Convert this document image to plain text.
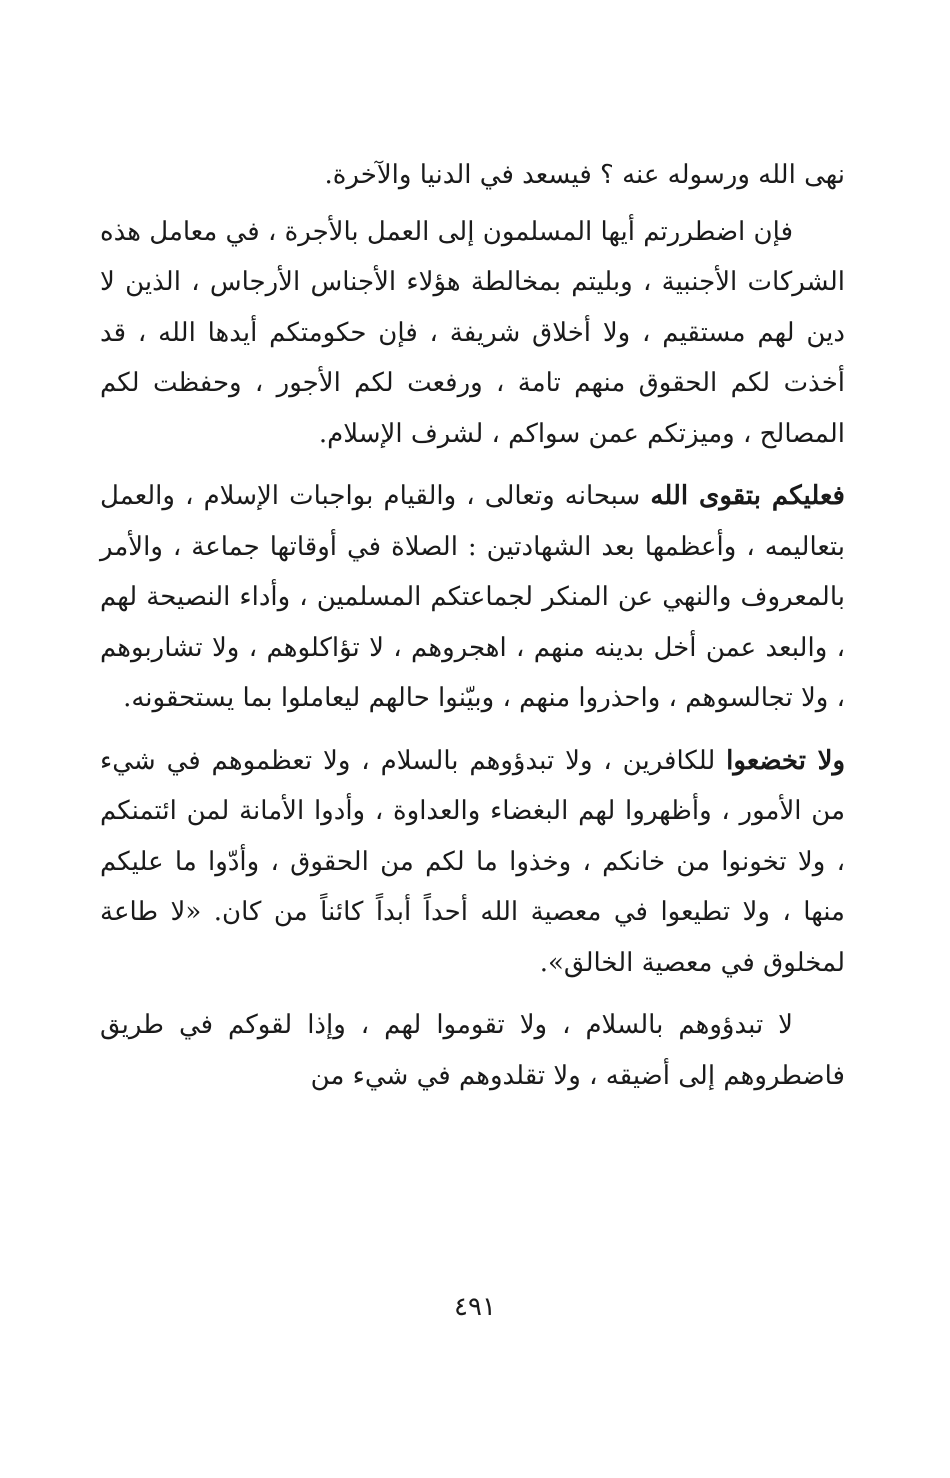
نهى الله ورسوله عنه ؟ فيسعد في الدنيا والآخرة.

فإن اضطررتم أيها المسلمون إلى العمل بالأجرة ، في معامل هذه الشركات الأجنبية ، وبليتم بمخالطة هؤلاء الأجناس الأرجاس ، الذين لا دين لهم مستقيم ، ولا أخلاق شريفة ، فإن حكومتكم أيدها الله ، قد أخذت لكم الحقوق منهم تامة ، ورفعت لكم الأجور ، وحفظت لكم المصالح ، وميزتكم عمن سواكم ، لشرف الإسلام.

فعليكم بتقوى الله سبحانه وتعالى ، والقيام بواجبات الإسلام ، والعمل بتعاليمه ، وأعظمها بعد الشهادتين : الصلاة في أوقاتها جماعة ، والأمر بالمعروف والنهي عن المنكر لجماعتكم المسلمين ، وأداء النصيحة لهم ، والبعد عمن أخل بدينه منهم ، اهجروهم ، لا تؤاكلوهم ، ولا تشاربوهم ، ولا تجالسوهم ، واحذروا منهم ، وبيّنوا حالهم ليعاملوا بما يستحقونه.

ولا تخضعوا للكافرين ، ولا تبدؤوهم بالسلام ، ولا تعظموهم في شيء من الأمور ، وأظهروا لهم البغضاء والعداوة ، وأدوا الأمانة لمن ائتمنكم ، ولا تخونوا من خانكم ، وخذوا ما لكم من الحقوق ، وأدّوا ما عليكم منها ، ولا تطيعوا في معصية الله أحداً أبداً كائناً من كان. «لا طاعة لمخلوق في معصية الخالق».

لا تبدؤوهم بالسلام ، ولا تقوموا لهم ، وإذا لقوكم في طريق فاضطروهم إلى أضيقه ، ولا تقلدوهم في شيء من

٤٩١
